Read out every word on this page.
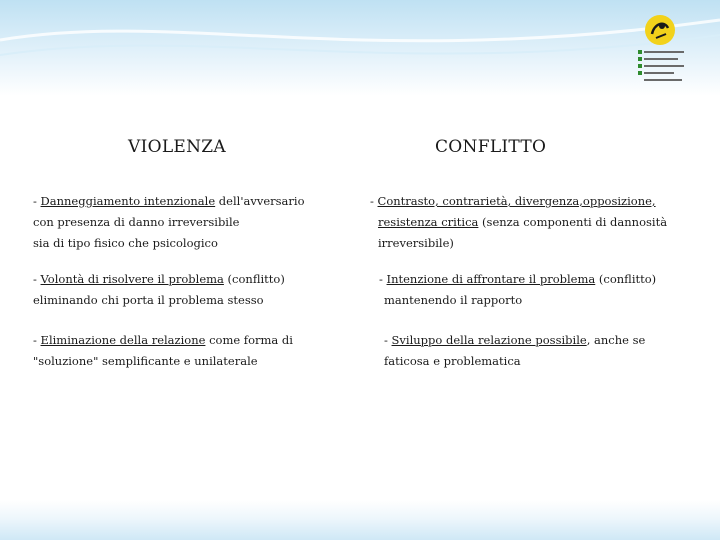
VIOLENZA	CONFLITTO
- Danneggiamento intenzionale dell'avversario
con presenza di danno irreversibile
sia di tipo fisico che psicologico
- Volontà di risolvere il problema (conflitto)
eliminando chi porta il problema stesso
- Eliminazione della relazione come forma di
"soluzione" semplificante e unilaterale
- Contrasto, contrarietà, divergenza,opposizione,
resistenza critica (senza componenti di dannosità
irreversibile)
- Intenzione di affrontare il problema (conflitto)
mantenendo il rapporto
- Sviluppo della relazione possibile, anche se
faticosa e problematica
